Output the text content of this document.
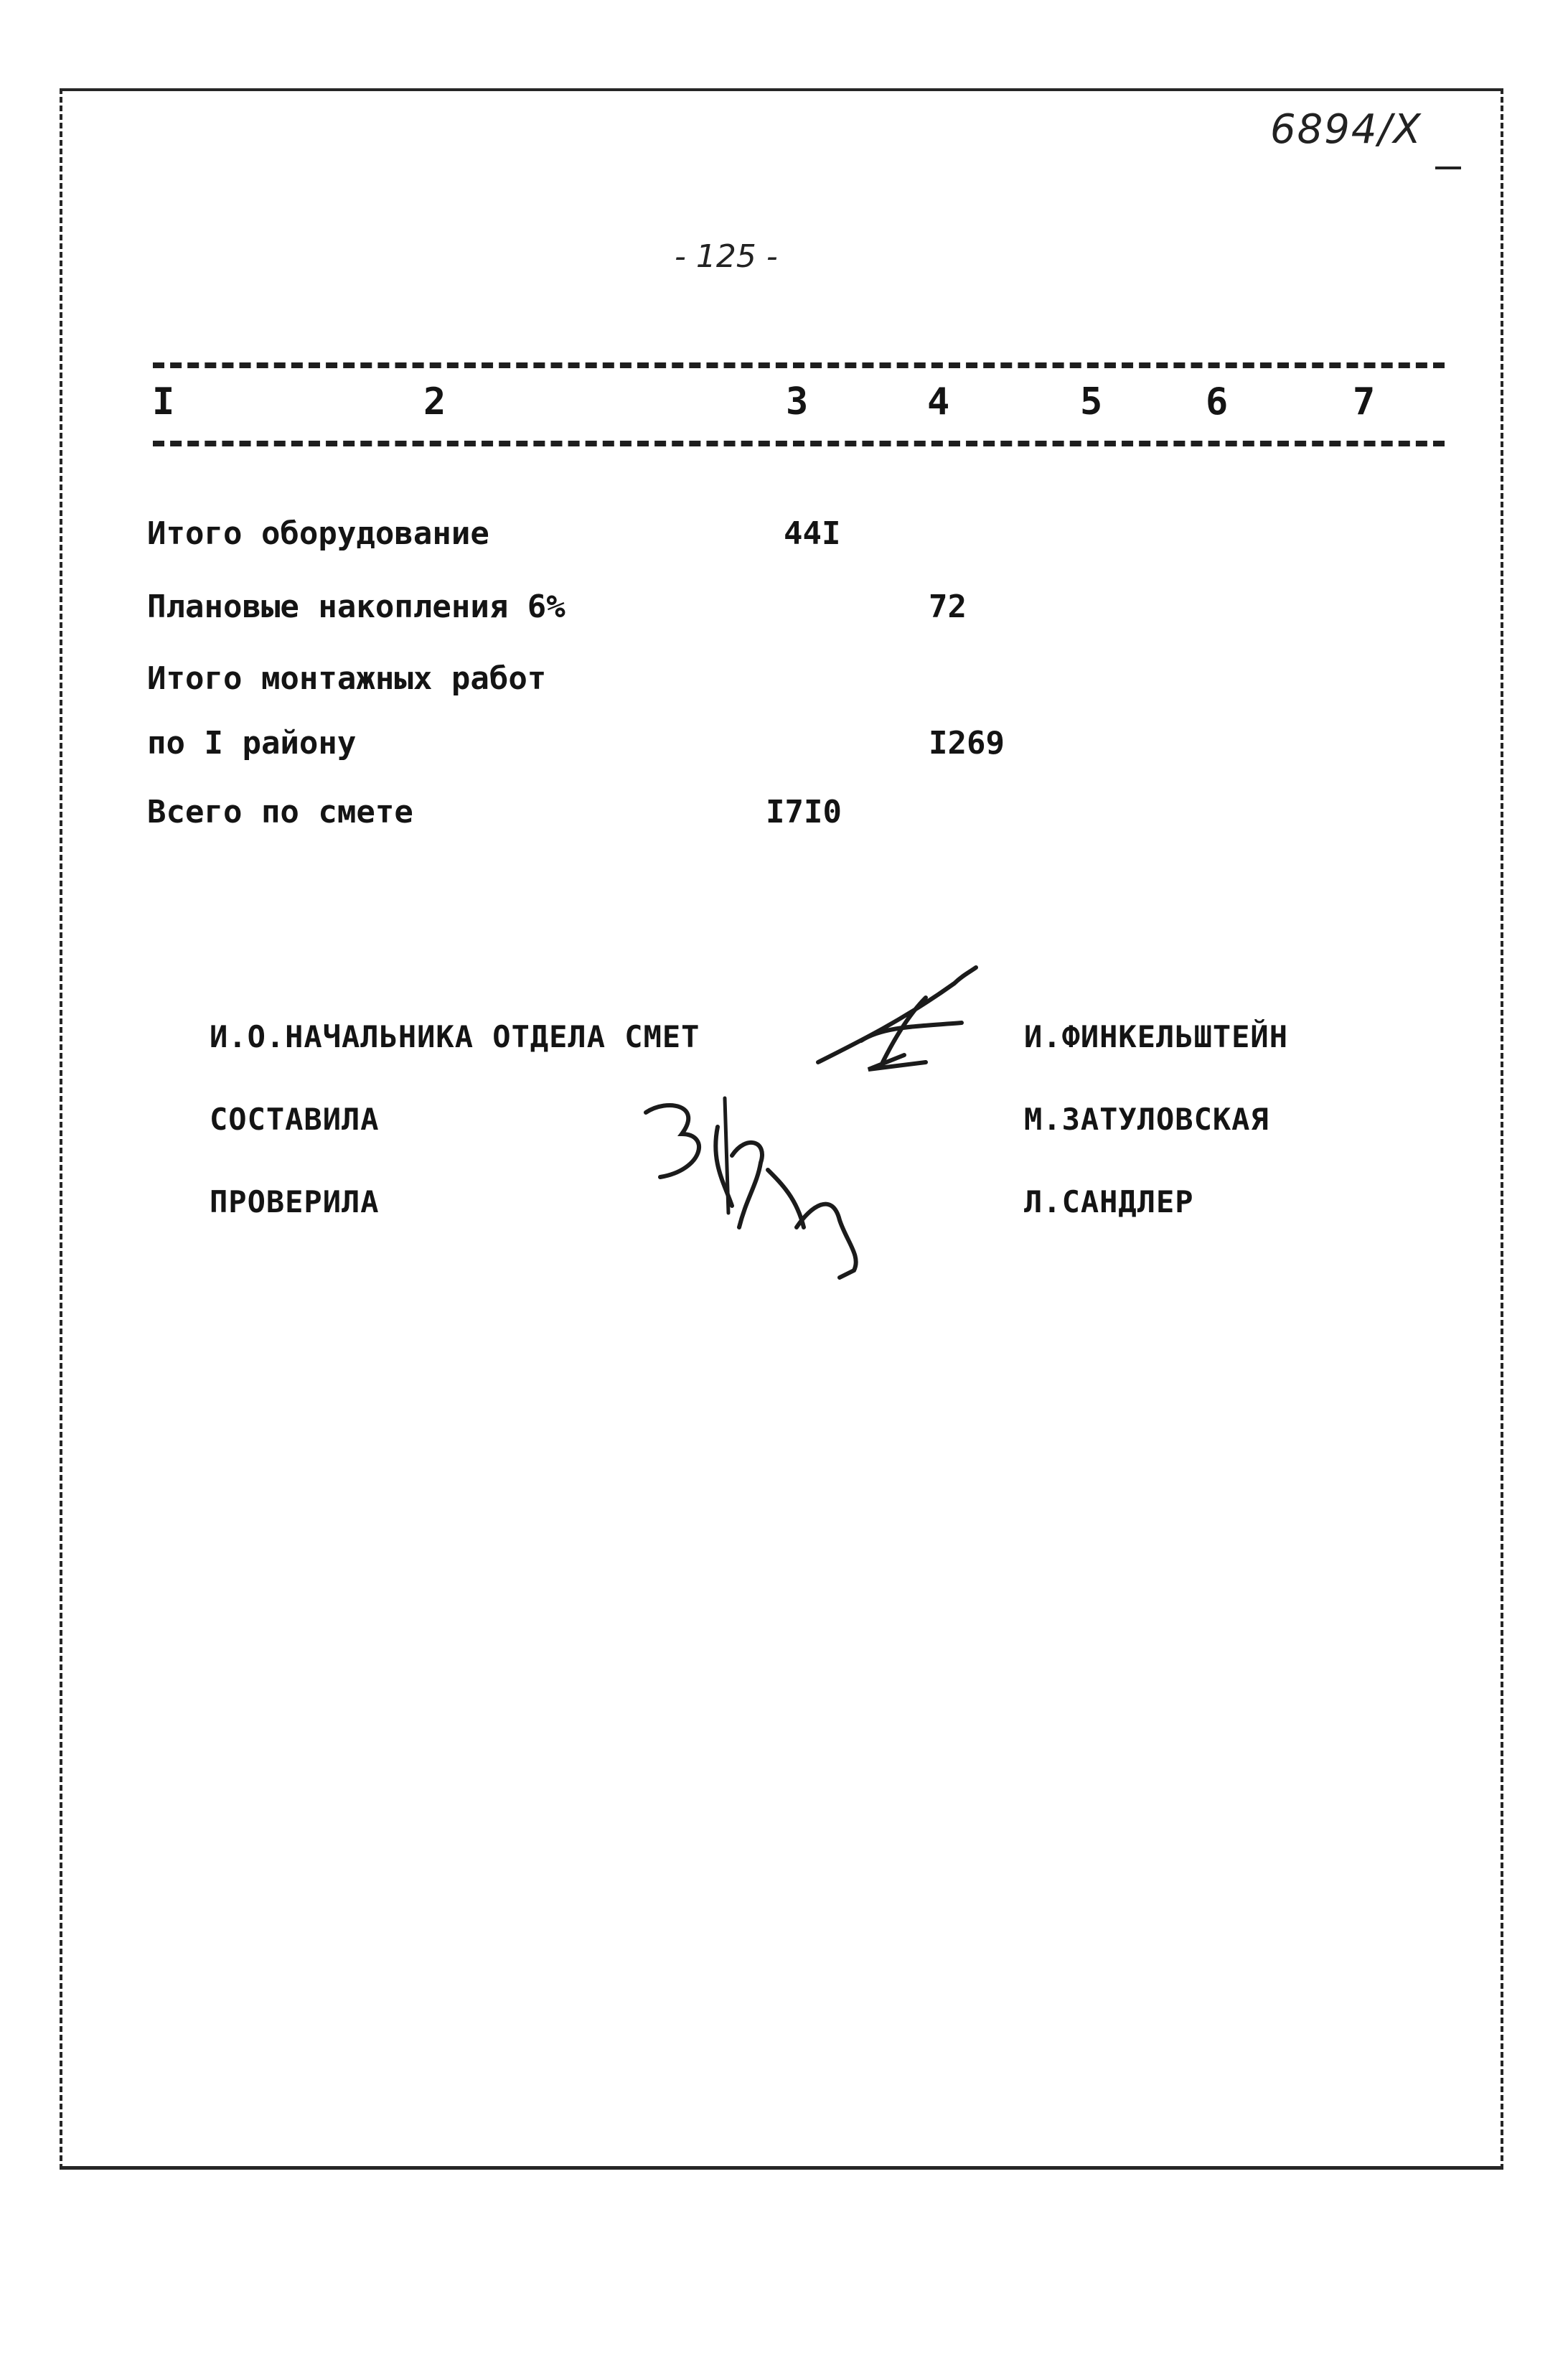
6894/X
- 125 -
I	2	3	4	5	6	7
Итого оборудование	44I
Плановые накопления 6%	72
Итого монтажных работ
по I району	I269
Всего по смете	I7I0
И.О.НАЧАЛЬНИКА ОТДЕЛА СМЕТ	И.ФИНКЕЛЬШТЕЙН
СОСТАВИЛА	М.ЗАТУЛОВСКАЯ
ПРОВЕРИЛА	Л.САНДЛЕР
